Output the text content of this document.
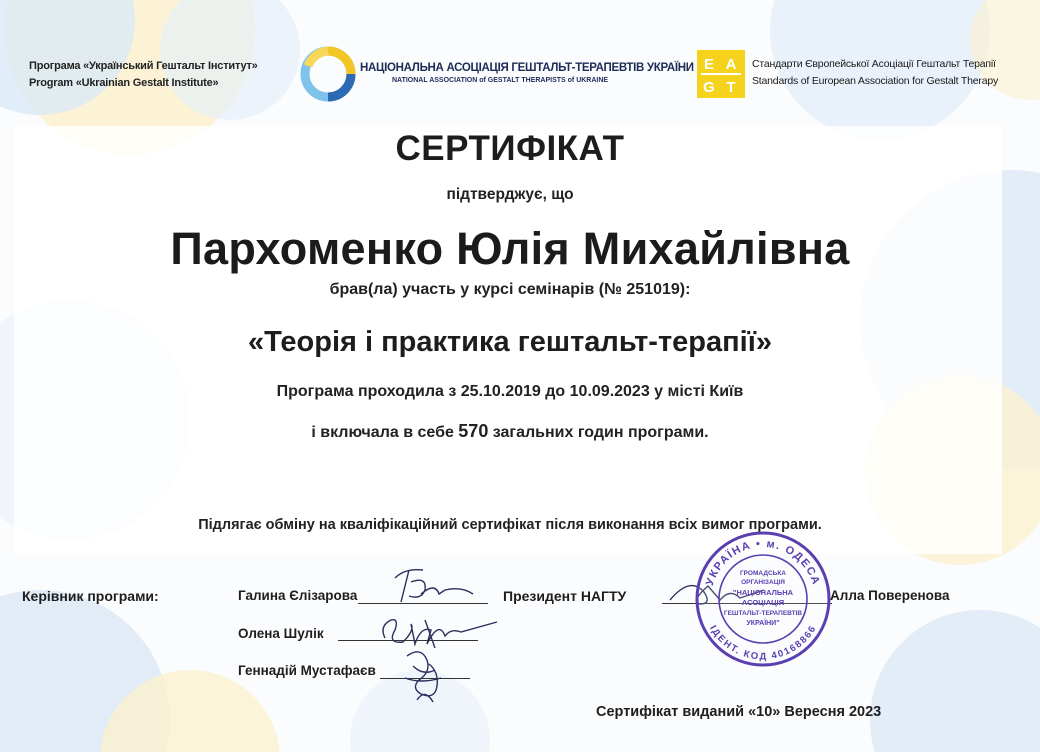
Програма «Український Гештальт Інститут»
Program «Ukrainian Gestalt Institute»
НАЦІОНАЛЬНА АСОЦІАЦІЯ ГЕШТАЛЬТ-ТЕРАПЕВТІВ УКРАЇНИ
NATIONAL ASSOCIATION of GESTALT THERAPISTS of UKRAINE
E A
G T
Стандарти Європейської Асоціації Гештальт Терапії
Standards of European Association for Gestalt Therapy
СЕРТИФІКАТ
підтверджує, що
Пархоменко Юлія Михайлівна
брав(ла) участь у курсі семінарів (№ 251019):
«Теорія і практика гештальт-терапії»
Програма проходила з 25.10.2019 до 10.09.2023 у місті Київ
і включала в себе 570 загальних годин програми.
Підлягає обміну на кваліфікаційний сертифікат після виконання всіх вимог програми.
Керівник програми:	Галина Єлізарова
Олена Шулік
Геннадій Мустафаєв
Президент НАГТУ	Алла Поверенова
УКРАЇНА • м. ОДЕСА
ІДЕНТ. КОД 40168866
ГРОМАДСЬКА
ОРГАНІЗАЦІЯ
"НАЦІОНАЛЬНА
АСОЦІАЦІЯ
ГЕШТАЛЬТ-ТЕРАПЕВТІВ
УКРАЇНИ"
Сертифікат виданий «10» Вересня 2023
